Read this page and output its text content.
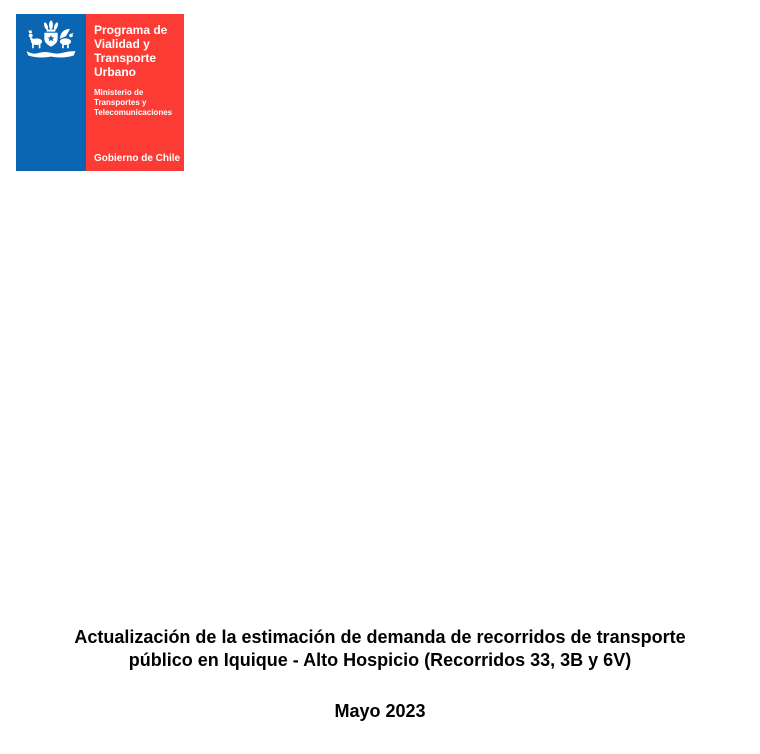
Programa de
Vialidad y
Transporte
Urbano
Ministerio de
Transportes y
Telecomunicaciones
Gobierno de Chile
Actualización de la estimación de demanda de recorridos de transporte
público en Iquique - Alto Hospicio (Recorridos 33, 3B y 6V)
Mayo 2023
